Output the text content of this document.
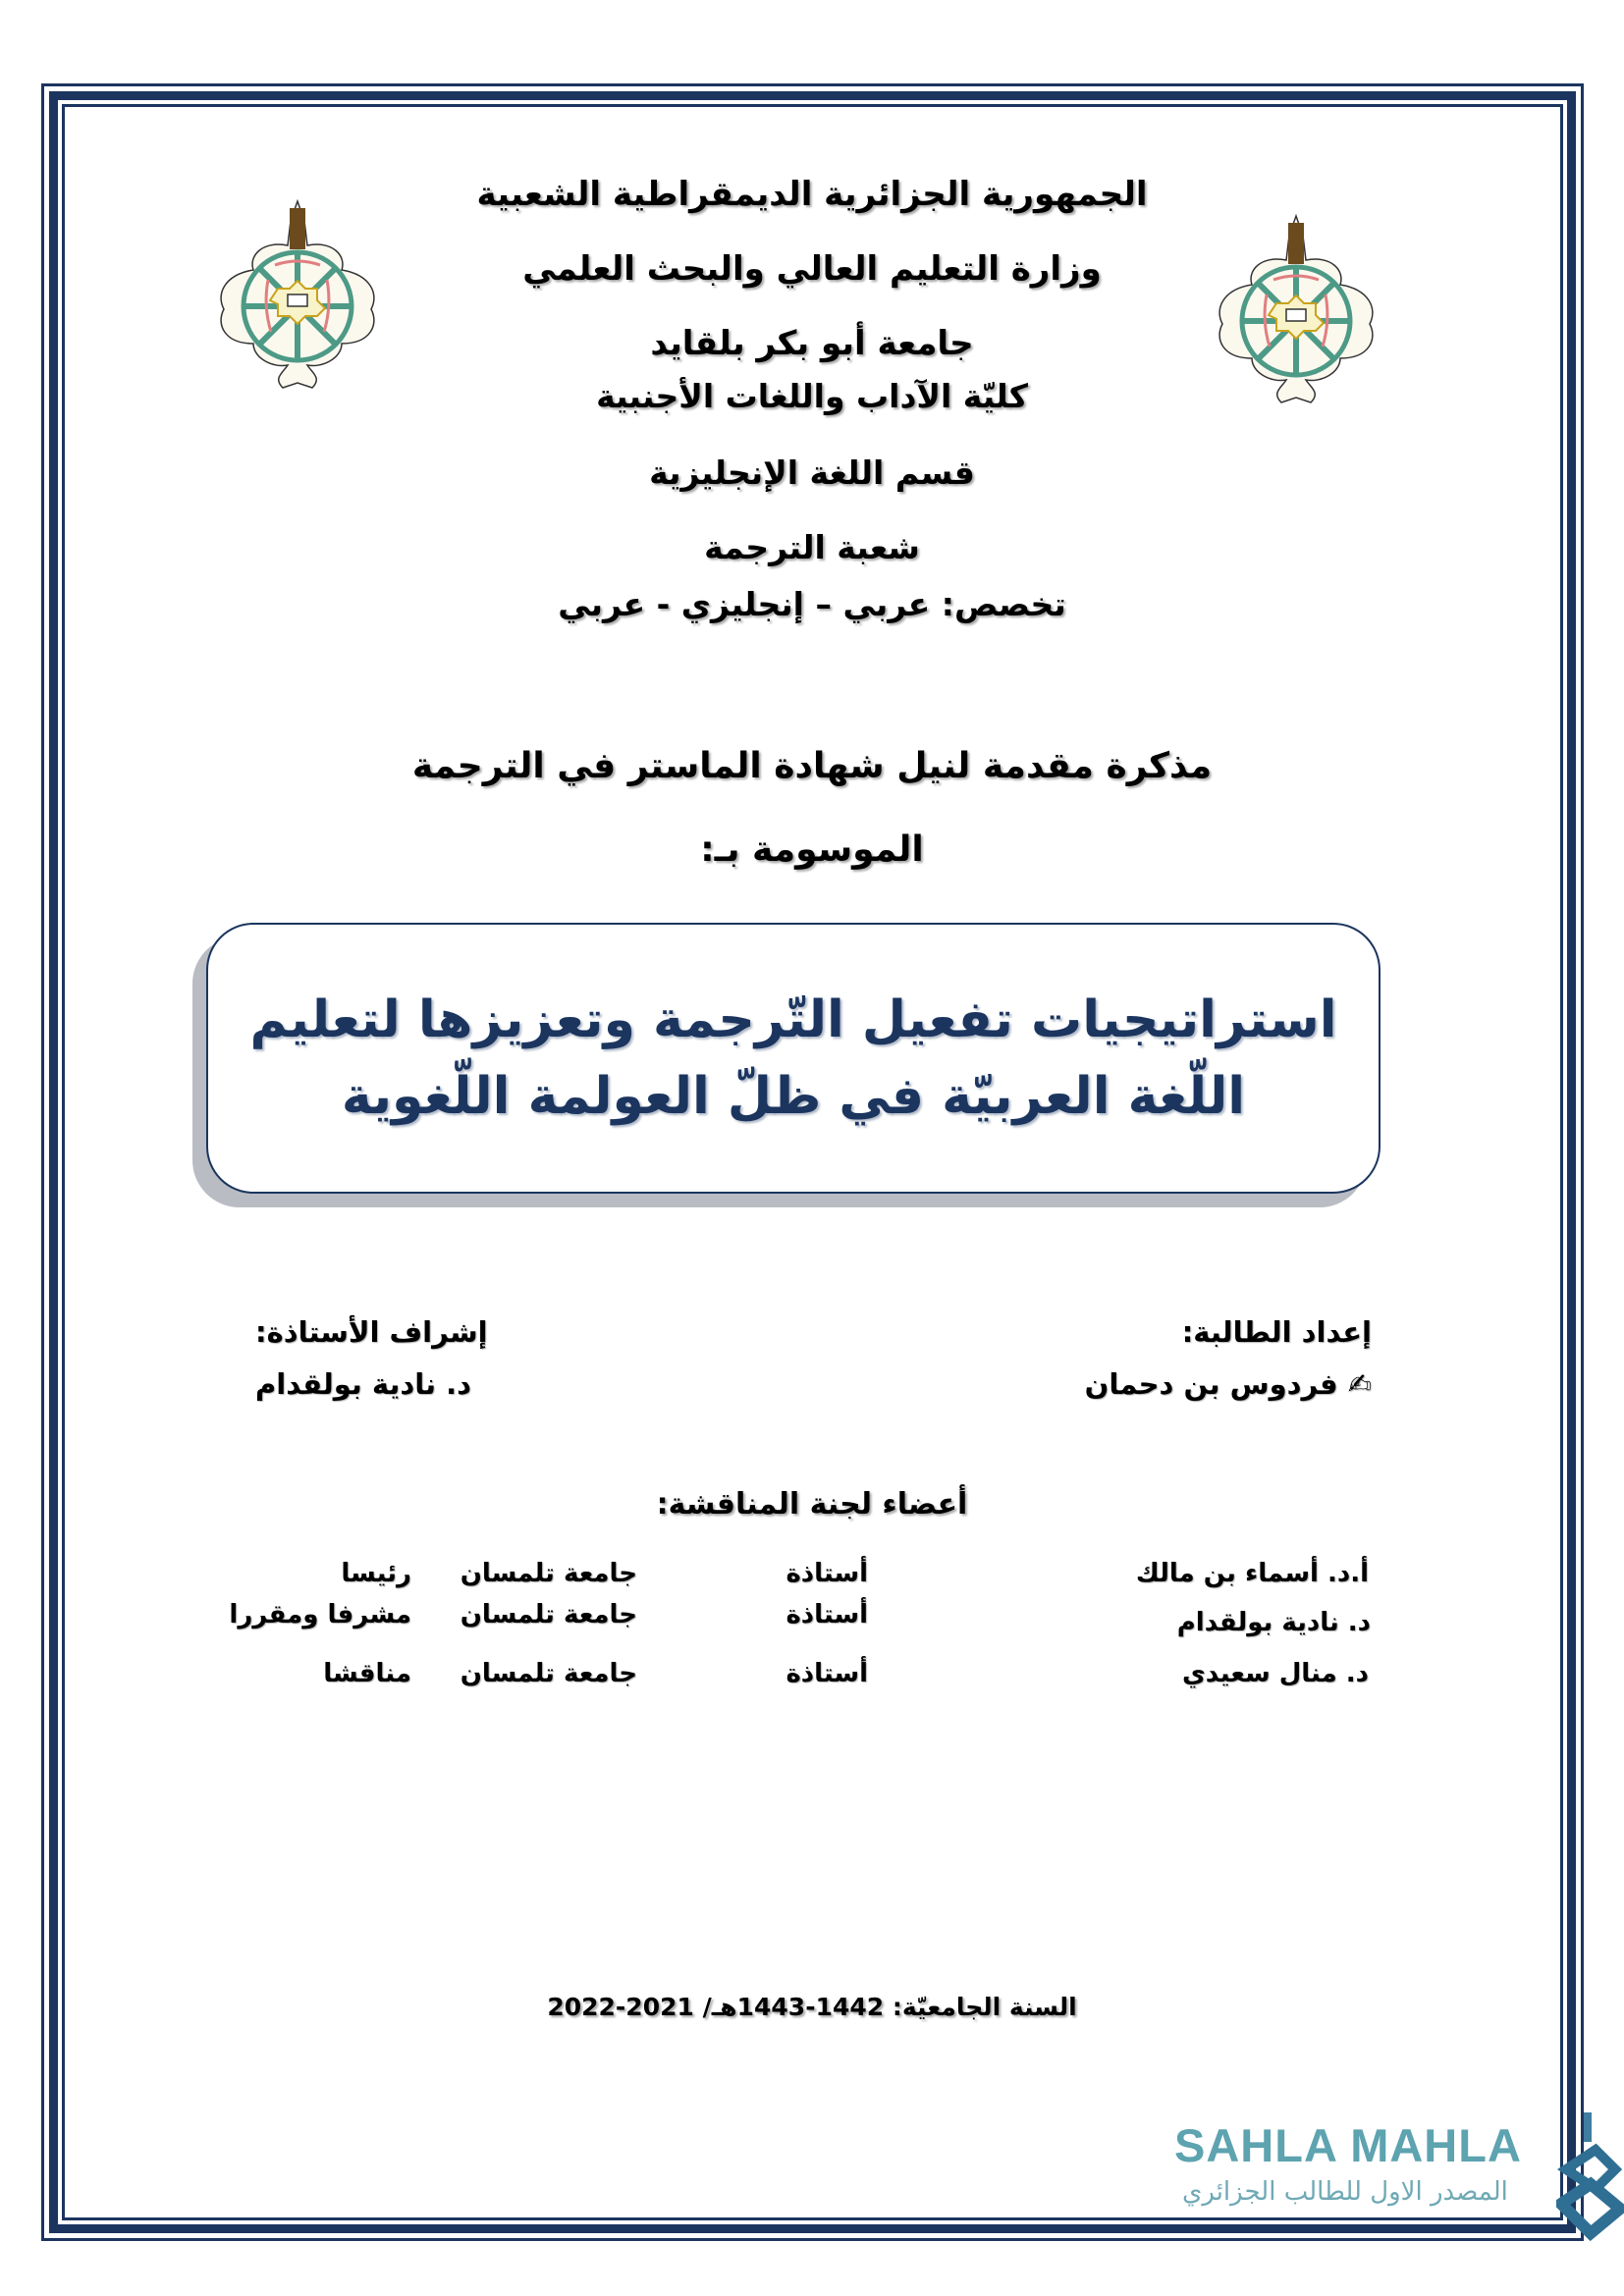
الجمهورية الجزائرية الديمقراطية الشعبية
وزارة التعليم العالي والبحث العلمي
جامعة أبو بكر بلقايد
كليّة الآداب واللغات الأجنبية
قسم اللغة الإنجليزية
شعبة الترجمة
تخصص: عربي – إنجليزي - عربي
مذكرة مقدمة لنيل شهادة الماستر في الترجمة
الموسومة بـ:
استراتيجيات تفعيل التّرجمة وتعزيزها لتعليم
اللّغة العربيّة في ظلّ العولمة اللّغوية
إعداد الطالبة:
✍ فردوس بن دحمان
إشراف الأستاذة:
د. نادية بولقدام
أعضاء لجنة المناقشة:
أ.د. أسماء بن مالك
أستاذة
جامعة تلمسان
رئيسا
د. نادية بولقدام
أستاذة
جامعة تلمسان
مشرفا ومقررا
د. منال سعيدي
أستاذة
جامعة تلمسان
مناقشا
السنة الجامعيّة: 1442-1443هـ/ 2021-2022
SAHLA MAHLA
المصدر الاول للطالب الجزائري
